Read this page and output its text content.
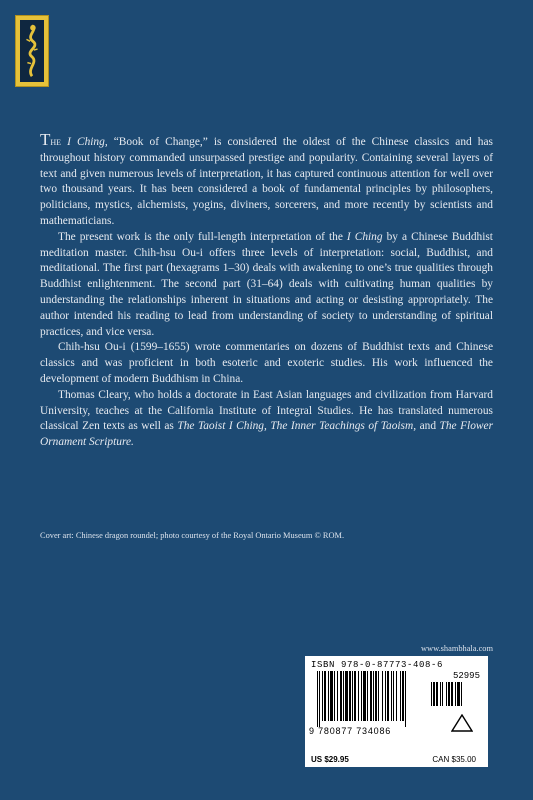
The I Ching, “Book of Change,” is considered the oldest of the Chinese classics and has throughout history commanded unsurpassed prestige and popularity. Containing several layers of text and given numerous levels of interpretation, it has captured continuous attention for well over two thousand years. It has been considered a book of fundamental principles by philosophers, politicians, mystics, alchemists, yogins, diviners, sorcerers, and more recently by scientists and mathematicians.

The present work is the only full-length interpretation of the I Ching by a Chinese Buddhist meditation master. Chih-hsu Ou-i offers three levels of interpretation: social, Buddhist, and meditational. The first part (hexagrams 1–30) deals with awakening to one’s true qualities through Buddhist enlightenment. The second part (31–64) deals with cultivating human qualities by understanding the relationships inherent in situations and acting or desisting appropriately. The author intended his reading to lead from understanding of society to understanding of spiritual practices, and vice versa.

Chih-hsu Ou-i (1599–1655) wrote commentaries on dozens of Buddhist texts and Chinese classics and was proficient in both esoteric and exoteric studies. His work influenced the development of modern Buddhism in China.

Thomas Cleary, who holds a doctorate in East Asian languages and civilization from Harvard University, teaches at the California Institute of Integral Studies. He has translated numerous classical Zen texts as well as The Taoist I Ching, The Inner Teachings of Taoism, and The Flower Ornament Scripture.

Cover art: Chinese dragon roundel; photo courtesy of the Royal Ontario Museum © ROM.
www.shambhala.com
ISBN 978-0-87773-408-6
52995
9 780877 734086
US $29.95	CAN $35.00
